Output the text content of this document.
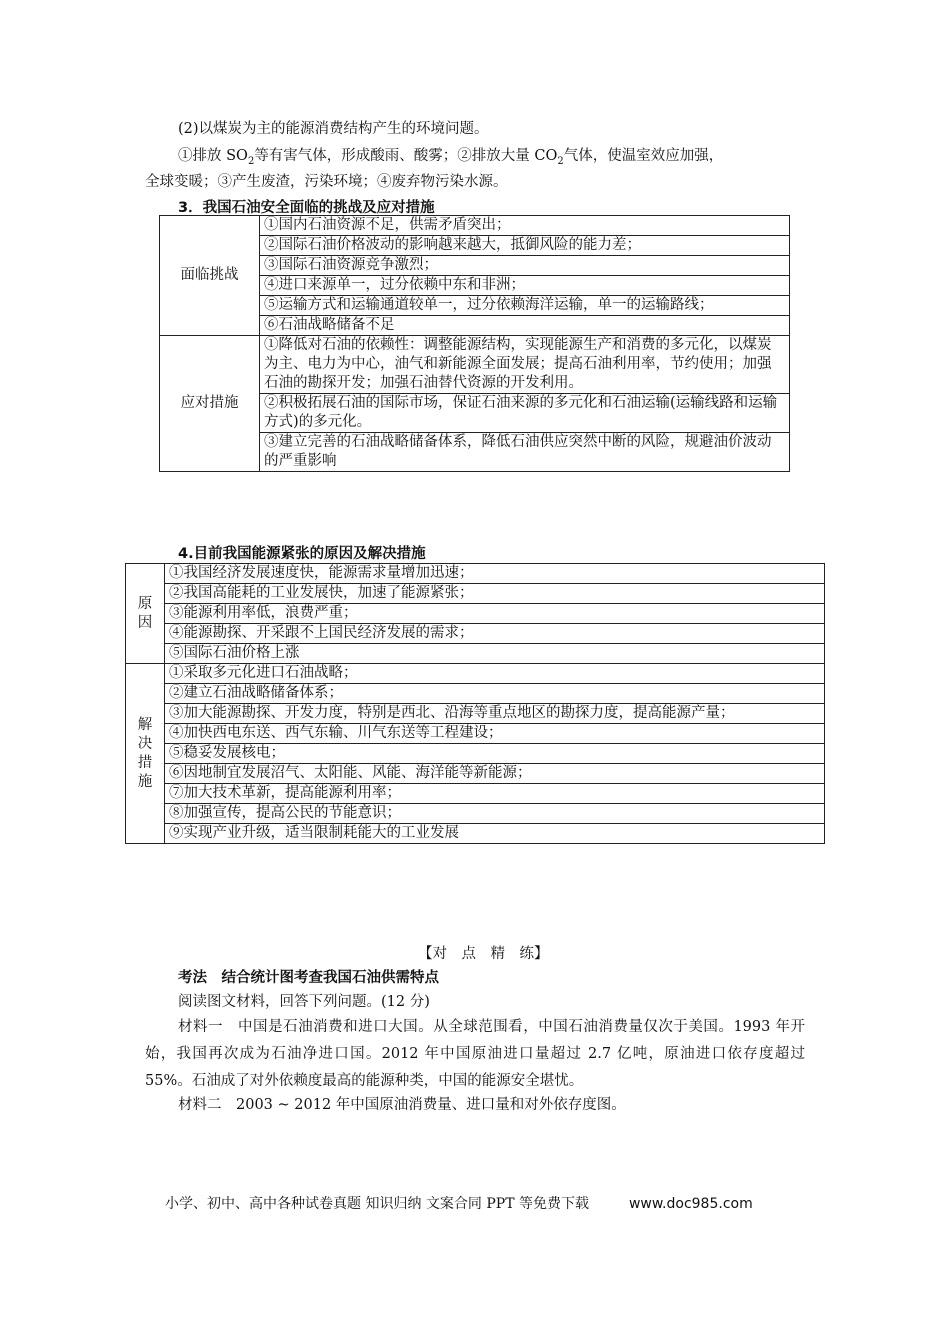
(2)以煤炭为主的能源消费结构产生的环境问题。
①排放 $SO_2$等有害气体，形成酸雨、酸雾；②排放大量 $CO_2$气体，使温室效应加强，
全球变暖；③产生废渣，污染环境；④废弃物污染水源。
3．我国石油安全面临的挑战及应对措施
面临挑战	①国内石油资源不足，供需矛盾突出；
	②国际石油价格波动的影响越来越大，抵御风险的能力差；
	③国际石油资源竞争激烈；
	④进口来源单一，过分依赖中东和非洲；
	⑤运输方式和运输通道较单一，过分依赖海洋运输，单一的运输路线；
	⑥石油战略储备不足
应对措施	①降低对石油的依赖性：调整能源结构，实现能源生产和消费的多元化，以煤炭为主、电力为中心，油气和新能源全面发展；提高石油利用率，节约使用；加强石油的勘探开发；加强石油替代资源的开发利用。
	②积极拓展石油的国际市场，保证石油来源的多元化和石油运输(运输线路和运输方式)的多元化。
	③建立完善的石油战略储备体系，降低石油供应突然中断的风险，规避油价波动的严重影响
4.目前我国能源紧张的原因及解决措施
原因	①我国经济发展速度快，能源需求量增加迅速；
	②我国高能耗的工业发展快，加速了能源紧张；
	③能源利用率低，浪费严重；
	④能源勘探、开采跟不上国民经济发展的需求；
	⑤国际石油价格上涨
解决措施	①采取多元化进口石油战略；
	②建立石油战略储备体系；
	③加大能源勘探、开发力度，特别是西北、沿海等重点地区的勘探力度，提高能源产量；
	④加快西电东送、西气东输、川气东送等工程建设；
	⑤稳妥发展核电；
	⑥因地制宜发展沼气、太阳能、风能、海洋能等新能源；
	⑦加大技术革新，提高能源利用率；
	⑧加强宣传，提高公民的节能意识；
	⑨实现产业升级，适当限制耗能大的工业发展
【对　点　精　练】
考法　结合统计图考查我国石油供需特点
阅读图文材料，回答下列问题。(12 分)
材料一　中国是石油消费和进口大国。从全球范围看，中国石油消费量仅次于美国。1993 年开始，我国再次成为石油净进口国。2012 年中国原油进口量超过 2.7 亿吨，原油进口依存度超过 55%。石油成了对外依赖度最高的能源种类，中国的能源安全堪忧。
材料二　2003 ~ 2012 年中国原油消费量、进口量和对外依存度图。
小学、初中、高中各种试卷真题 知识归纳 文案合同 PPT 等免费下载	www.doc985.com
